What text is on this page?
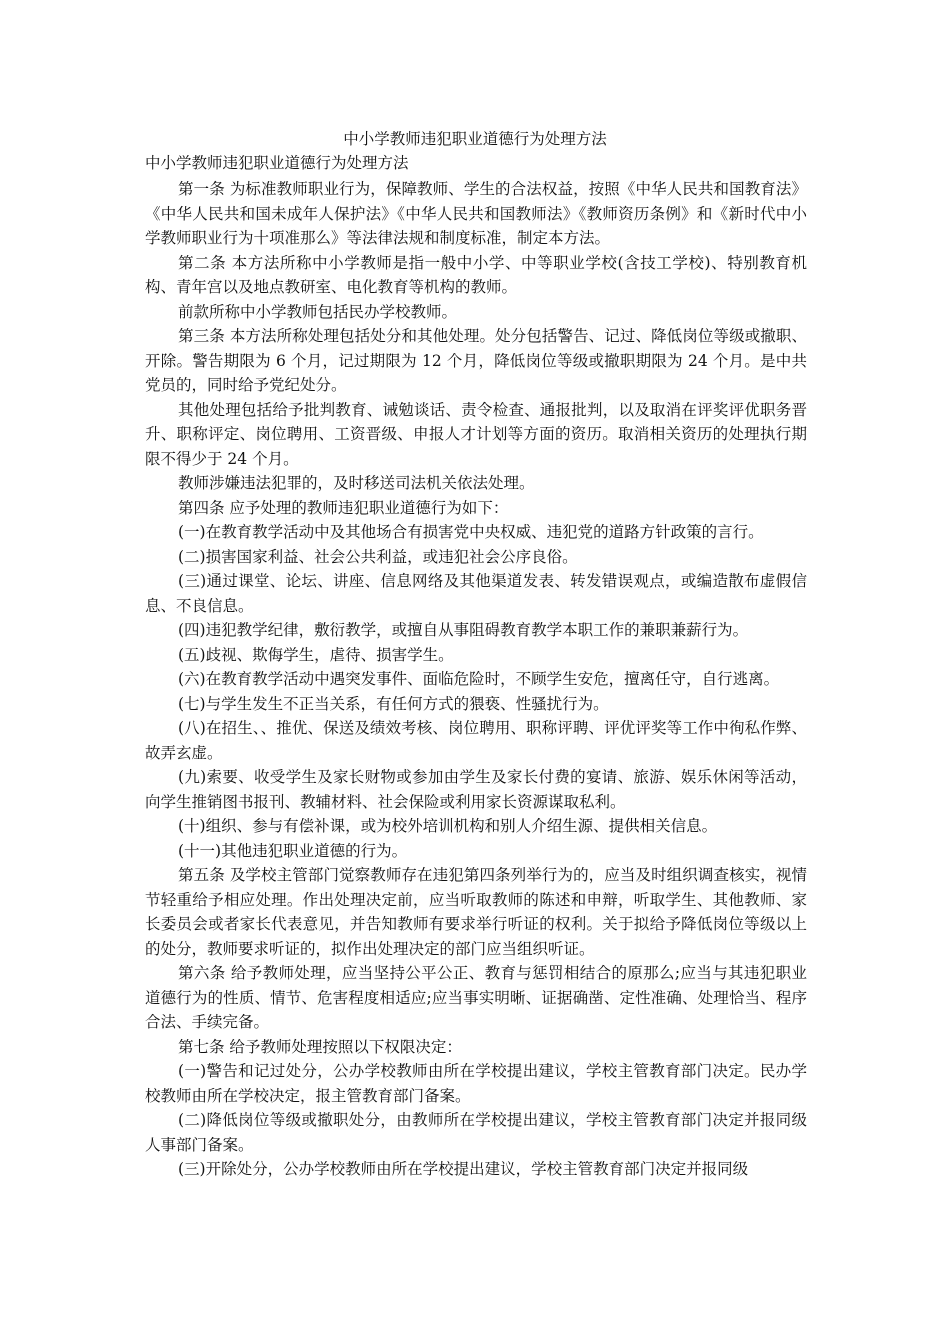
中小学教师违犯职业道德行为处理方法
中小学教师违犯职业道德行为处理方法

第一条 为标准教师职业行为，保障教师、学生的合法权益，按照《中华人民共和国教育法》《中华人民共和国未成年人保护法》《中华人民共和国教师法》《教师资历条例》和《新时代中小学教师职业行为十项准那么》等法律法规和制度标准，制定本方法。

第二条 本方法所称中小学教师是指一般中小学、中等职业学校(含技工学校)、特别教育机构、青年宫以及地点教研室、电化教育等机构的教师。

前款所称中小学教师包括民办学校教师。

第三条 本方法所称处理包括处分和其他处理。处分包括警告、记过、降低岗位等级或撤职、开除。警告期限为 6 个月，记过期限为 12 个月，降低岗位等级或撤职期限为 24 个月。是中共党员的，同时给予党纪处分。

其他处理包括给予批判教育、诫勉谈话、责令检查、通报批判，以及取消在评奖评优职务晋升、职称评定、岗位聘用、工资晋级、申报人才计划等方面的资历。取消相关资历的处理执行期限不得少于 24 个月。

教师涉嫌违法犯罪的，及时移送司法机关依法处理。

第四条 应予处理的教师违犯职业道德行为如下：

(一)在教育教学活动中及其他场合有损害党中央权威、违犯党的道路方针政策的言行。

(二)损害国家利益、社会公共利益，或违犯社会公序良俗。

(三)通过课堂、论坛、讲座、信息网络及其他渠道发表、转发错误观点，或编造散布虚假信息、不良信息。

(四)违犯教学纪律，敷衍教学，或擅自从事阻碍教育教学本职工作的兼职兼薪行为。

(五)歧视、欺侮学生，虐待、损害学生。

(六)在教育教学活动中遇突发事件、面临危险时，不顾学生安危，擅离任守，自行逃离。

(七)与学生发生不正当关系，有任何方式的猥亵、性骚扰行为。

(八)在招生、、推优、保送及绩效考核、岗位聘用、职称评聘、评优评奖等工作中徇私作弊、故弄玄虚。

(九)索要、收受学生及家长财物或参加由学生及家长付费的宴请、旅游、娱乐休闲等活动，向学生推销图书报刊、教辅材料、社会保险或利用家长资源谋取私利。

(十)组织、参与有偿补课，或为校外培训机构和别人介绍生源、提供相关信息。

(十一)其他违犯职业道德的行为。

第五条 及学校主管部门觉察教师存在违犯第四条列举行为的，应当及时组织调查核实，视情节轻重给予相应处理。作出处理决定前，应当听取教师的陈述和申辩，听取学生、其他教师、家长委员会或者家长代表意见，并告知教师有要求举行听证的权利。关于拟给予降低岗位等级以上的处分，教师要求听证的，拟作出处理决定的部门应当组织听证。

第六条 给予教师处理，应当坚持公平公正、教育与惩罚相结合的原那么;应当与其违犯职业道德行为的性质、情节、危害程度相适应;应当事实明晰、证据确凿、定性准确、处理恰当、程序合法、手续完备。

第七条 给予教师处理按照以下权限决定：

(一)警告和记过处分，公办学校教师由所在学校提出建议，学校主管教育部门决定。民办学校教师由所在学校决定，报主管教育部门备案。

(二)降低岗位等级或撤职处分，由教师所在学校提出建议，学校主管教育部门决定并报同级人事部门备案。

(三)开除处分，公办学校教师由所在学校提出建议，学校主管教育部门决定并报同级
